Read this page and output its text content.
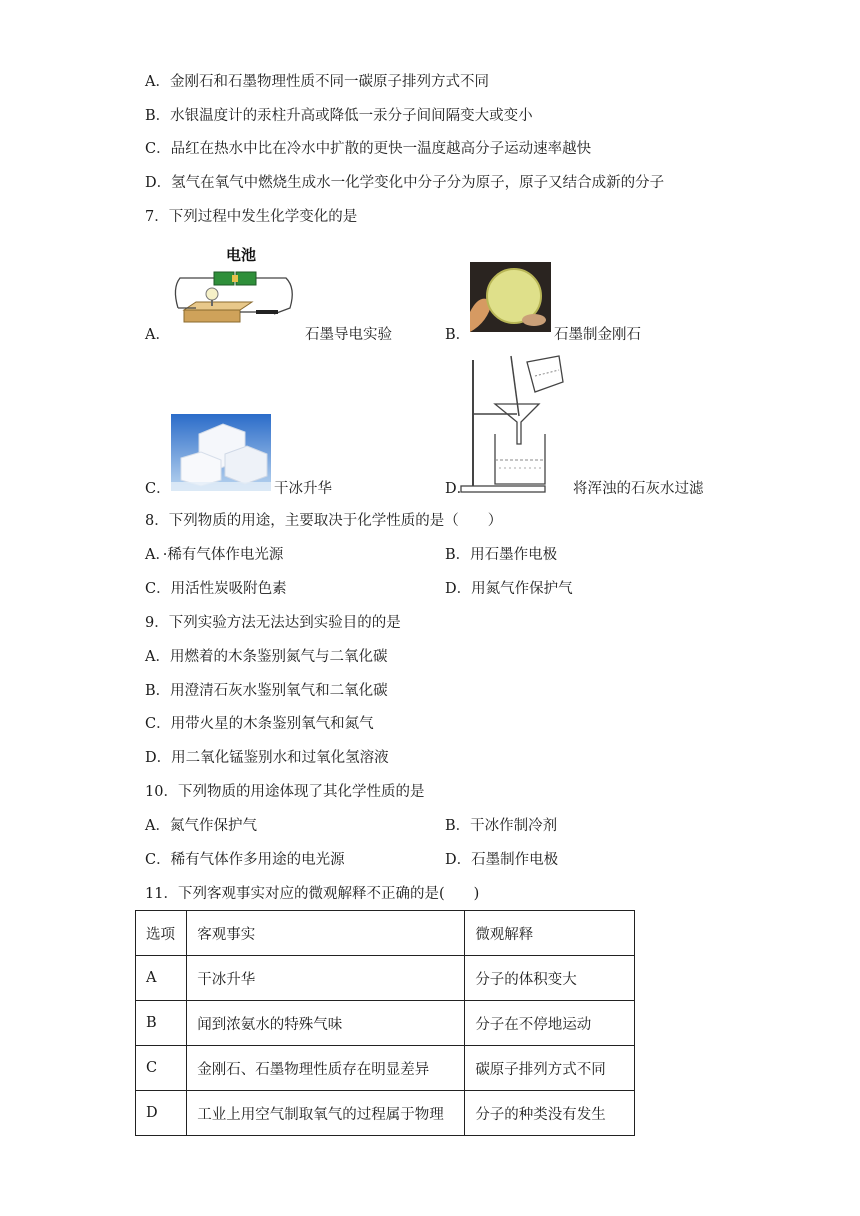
A．金刚石和石墨物理性质不同一碳原子排列方式不同
B．水银温度计的汞柱升高或降低一汞分子间间隔变大或变小
C．品红在热水中比在冷水中扩散的更快一温度越高分子运动速率越快
D．氢气在氧气中燃烧生成水一化学变化中分子分为原子，原子又结合成新的分子
7．下列过程中发生化学变化的是
A．
电池
石墨导电实验	B．	石墨制金刚石
C．	干冰升华	D．	将浑浊的石灰水过滤
8．下列物质的用途，主要取决于化学性质的是（　　）
A．·稀有气体作电光源	B．用石墨作电极
C．用活性炭吸附色素	D．用氮气作保护气
9．下列实验方法无法达到实验目的的是
A．用燃着的木条鉴别氮气与二氧化碳
B．用澄清石灰水鉴别氧气和二氧化碳
C．用带火星的木条鉴别氧气和氮气
D．用二氧化锰鉴别水和过氧化氢溶液
10．下列物质的用途体现了其化学性质的是
A．氮气作保护气	B．干冰作制冷剂
C．稀有气体作多用途的电光源	D．石墨制作电极
11．下列客观事实对应的微观解释不正确的是(　　)
选项	客观事实	微观解释
A	干冰升华	分子的体积变大
B	闻到浓氨水的特殊气味	分子在不停地运动
C	金刚石、石墨物理性质存在明显差异	碳原子排列方式不同
D	工业上用空气制取氧气的过程属于物理	分子的种类没有发生
